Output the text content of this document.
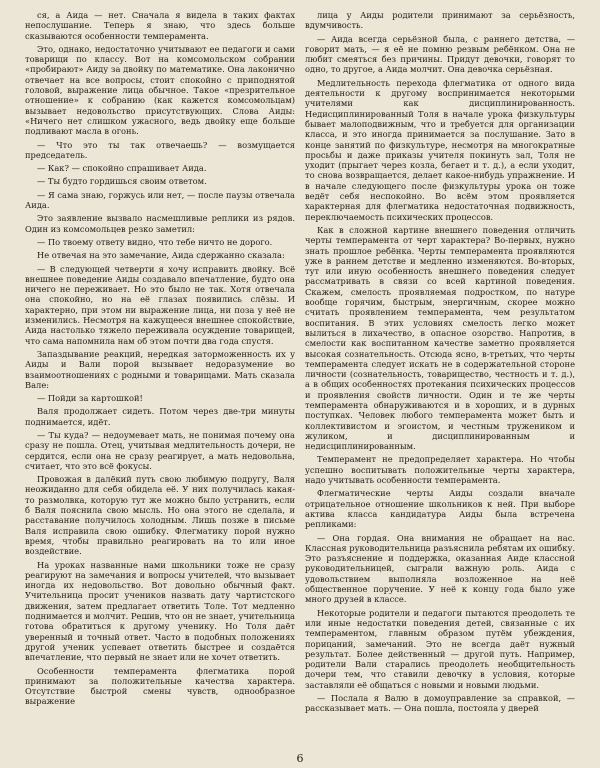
ся, а Аида — нет. Сначала я видела в таких фактах непослушание. Теперь я знаю, что здесь больше сказываются особенности темперамента.

Это, однако, недостаточно учитывают ее педагоги и сами товарищи по классу. Вот на комсомольском собрании «пробирают» Аиду за двойку по математике. Она лаконично отвечает на все вопросы, стоит спокойно с приподнятой головой, выражение лица обычное. Такое «презрительное отношение» к собранию (как кажется комсомольцам) вызывает недовольство присутствующих. Слова Аиды: «Ничего нет слишком ужасного, ведь двойку еще больше подливают масла в огонь.

— Что это ты так отвечаешь? — возмущается председатель.

— Как? — спокойно спрашивает Аида.

— Ты будто гордишься своим ответом.

— Я сама знаю, горжусь или нет, — после паузы отвечала Аида.

Это заявление вызвало насмешливые реплики из рядов. Один из комсомольцев резко заметил:

— По твоему ответу видно, что тебе ничто не дорого.

Не отвечая на это замечание, Аида сдержанно сказала:

— В следующей четверти я хочу исправить двойку. Всё внешнее поведение Аиды создавало впечатление, будто она ничего не переживает. Но это было не так. Хотя отвечала она спокойно, но на её глазах появились слёзы. И характерно, при этом ни выражение лица, ни поза у неё не изменились. Несмотря на кажущееся внешнее спокойствие, Аида настолько тяжело переживала осуждение товарищей, что сама напомнила нам об этом почти два года спустя.

Запаздывание реакций, нередкая заторможенность их у Аиды и Вали порой вызывает недоразумение во взаимоотношениях с родными и товарищами. Мать сказала Вале:

— Пойди за картошкой!

Валя продолжает сидеть. Потом через две-три минуты поднимается, идёт.

— Ты куда? — недоумевает мать, не понимая почему она сразу не пошла. Отец, учитывая медлительность дочери, не сердится, если она не сразу реагирует, а мать недовольна, считает, что это всё фокусы.

Провожая в далёкий путь свою любимую подругу, Валя неожиданно для себя обидела её. У них получилась какая-то размолвка, которую тут же можно было устранить, если б Валя пояснила свою мысль. Но она этого не сделала, и расставание получилось холодным. Лишь позже в письме Валя исправила свою ошибку. Флегматику порой нужно время, чтобы правильно реагировать на то или иное воздействие.

На уроках названные нами школьники тоже не сразу реагируют на замечания и вопросы учителей, что вызывает иногда их недовольство. Вот довольно обычный факт. Учительница просит учеников назвать дату чартистского движения, затем предлагает ответить Толе. Тот медленно поднимается и молчит. Решив, что он не знает, учительница готова обратиться к другому ученику. Но Толя даёт уверенный и точный ответ. Часто в подобных положениях другой ученик успевает ответить быстрее и создаётся впечатление, что первый не знает или не хочет ответить.

Особенности темперамента флегматика порой принимают за положительные качества характера. Отсутствие быстрой смены чувств, однообразное выражение

лица у Аиды родители принимают за серьёзность, вдумчивость.

— Аида всегда серьёзной была, с раннего детства, — говорит мать, — я её не помню резвым ребёнком. Она не любит смеяться без причины. Придут девочки, говорят то одно, то другое, а Аида молчит. Она девочка серьёзная.

Медлительность перехода флегматика от одного вида деятельности к другому воспринимается некоторыми учителями как дисциплинированность. Недисциплинированный Толя в начале урока физкультуры бывает малоподвижным, что и требуется для организации класса, и это иногда принимается за послушание. Зато в конце занятий по физкультуре, несмотря на многократные просьбы и даже приказы учителя покинуть зал, Толя не уходит (прыгает через козла, бегает и т. д.), а если уходит, то снова возвращается, делает какое-нибудь упражнение. И в начале следующего после физкультуры урока он тоже ведёт себя неспокойно. Во всём этом проявляется характерная для флегматика недостаточная подвижность, переключаемость психических процессов.

Как в сложной картине внешнего поведения отличить черты темперамента от черт характера? Во-первых, нужно знать прошлое ребёнка. Черты темперамента проявляются уже в раннем детстве и медленно изменяются. Во-вторых, тут или иную особенность внешнего поведения следует рассматривать в связи со всей картиной поведения. Скажем, смелость проявляемая подростком, по натуре вообще горячим, быстрым, энергичным, скорее можно считать проявлением темперамента, чем результатом воспитания. В этих условиях смелость легко может вылиться в лихачество, в опасное озорство. Напротив, в смелости как воспитанном качестве заметно проявляется высокая сознательность. Отсюда ясно, в-третьих, что черты темперамента следует искать не в содержательной стороне личности (сознательность, товарищество, честность и т. д.), а в общих особенностях протекания психических процессов и проявления свойств личности. Один и те же черты темперамента обнаруживаются и в хороших, и в дурных поступках. Человек любого темперамента может быть и коллективистом и эгоистом, и честным тружеником и жуликом, и дисциплинированным и недисциплинированным.

Темперамент не предопределяет характера. Но чтобы успешно воспитывать положительные черты характера, надо учитывать особенности темперамента.

Флегматические черты Аиды создали вначале отрицательное отношение школьников к ней. При выборе актива класса кандидатура Аиды была встречена репликами:

— Она гордая. Она внимания не обращает на нас. Классная руководительница разъяснила ребятам их ошибку. Это разъяснение и поддержка, оказанная Аиде классной руководительницей, сыграли важную роль. Аида с удовольствием выполняла возложенное на неё общественное поручение. У неё к концу года было уже много друзей в классе.

Некоторые родители и педагоги пытаются преодолеть те или иные недостатки поведения детей, связанные с их темпераментом, главным образом путём убеждения, порицаний, замечаний. Это не всегда даёт нужный результат. Более действенный — другой путь. Например, родители Вали старались преодолеть необщительность дочери тем, что ставили девочку в условия, которые заставляли её общаться с новыми и новыми людьми.

— Послала я Валю в домоуправление за справкой, — рассказывает мать. — Она пошла, постояла у дверей

6
